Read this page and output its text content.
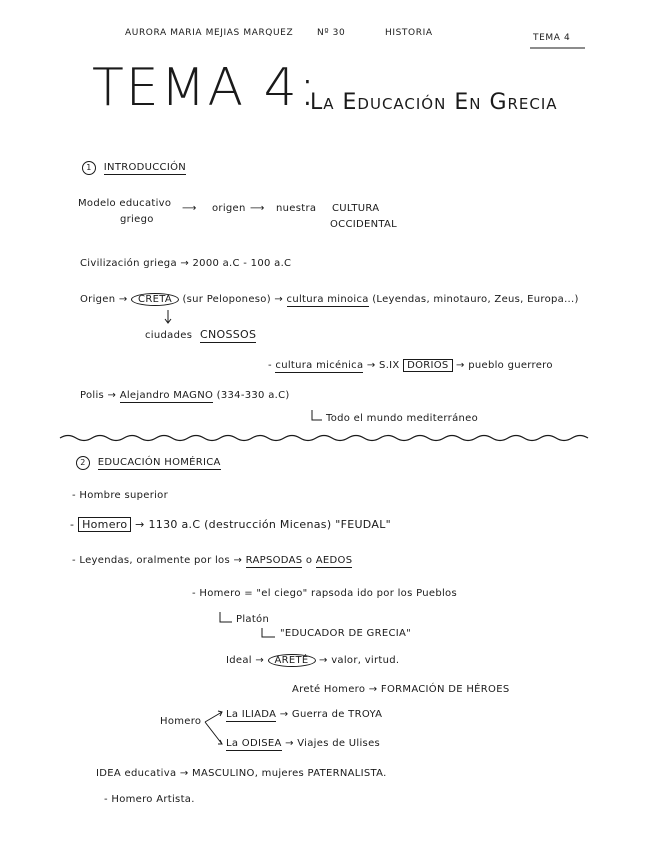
AURORA MARIA MEJIAS MARQUEZ	Nº 30	HISTORIA	TEMA 4
TEMA 4:
La Educación En Grecia
1 INTRODUCCIÓN
Modelo educativo
griego
⟶ origen ⟶ nuestra CULTURA
OCCIDENTAL
Civilización griega → 2000 a.C - 100 a.C
Origen → CRETA (sur Peloponeso) → cultura minoica (Leyendas, minotauro, Zeus, Europa...)
ciudades CNOSSOS
- cultura micénica → S.IX DORIOS → pueblo guerrero
Polis → Alejandro MAGNO (334-330 a.C)
Todo el mundo mediterráneo
2 EDUCACIÓN HOMÉRICA
- Hombre superior
- Homero → 1130 a.C (destrucción Micenas) "FEUDAL"
- Leyendas, oralmente por los → RAPSODAS o AEDOS
- Homero = "el ciego" rapsoda ido por los Pueblos
Platón
"EDUCADOR DE GRECIA"
Ideal → ARETÉ → valor, virtud.
Areté Homero → FORMACIÓN DE HÉROES
Homero
La ILIADA → Guerra de TROYA
La ODISEA → Viajes de Ulises
IDEA educativa → MASCULINO, mujeres PATERNALISTA.
- Homero Artista.
